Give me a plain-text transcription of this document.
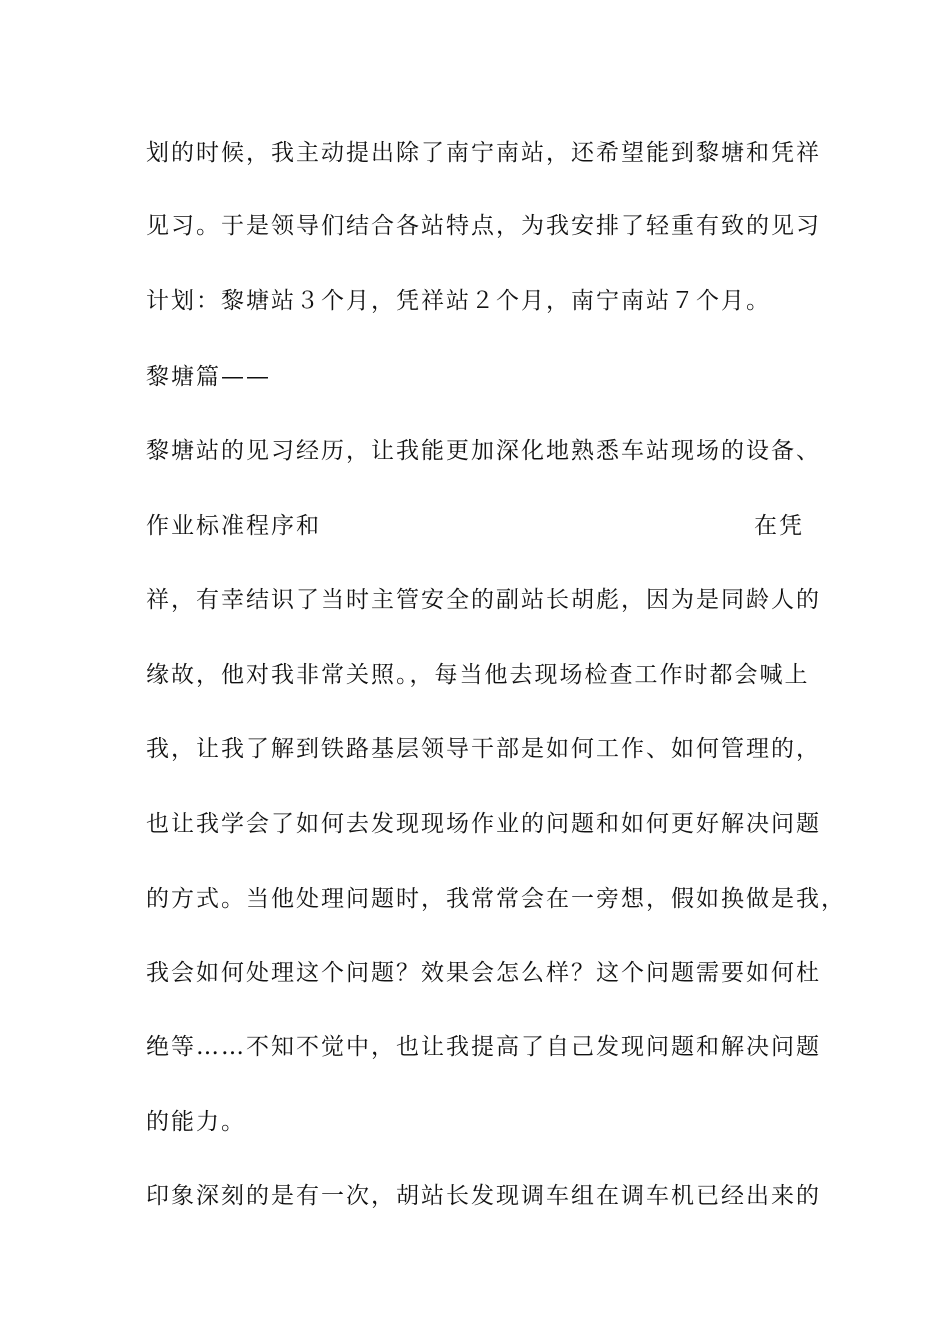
划的时候，我主动提出除了南宁南站，还希望能到黎塘和凭祥
见习。于是领导们结合各站特点，为我安排了轻重有致的见习
计划：黎塘站３个月，凭祥站２个月，南宁南站７个月。
黎塘篇——
黎塘站的见习经历，让我能更加深化地熟悉车站现场的设备、
作业标准程序和	在凭
祥，有幸结识了当时主管安全的副站长胡彪，因为是同龄人的
缘故，他对我非常关照。，每当他去现场检查工作时都会喊上
我，让我了解到铁路基层领导干部是如何工作、如何管理的，
也让我学会了如何去发现现场作业的问题和如何更好解决问题
的方式。当他处理问题时，我常常会在一旁想，假如换做是我，
我会如何处理这个问题？效果会怎么样？这个问题需要如何杜
绝等……不知不觉中，也让我提高了自己发现问题和解决问题
的能力。
印象深刻的是有一次，胡站长发现调车组在调车机已经出来的
